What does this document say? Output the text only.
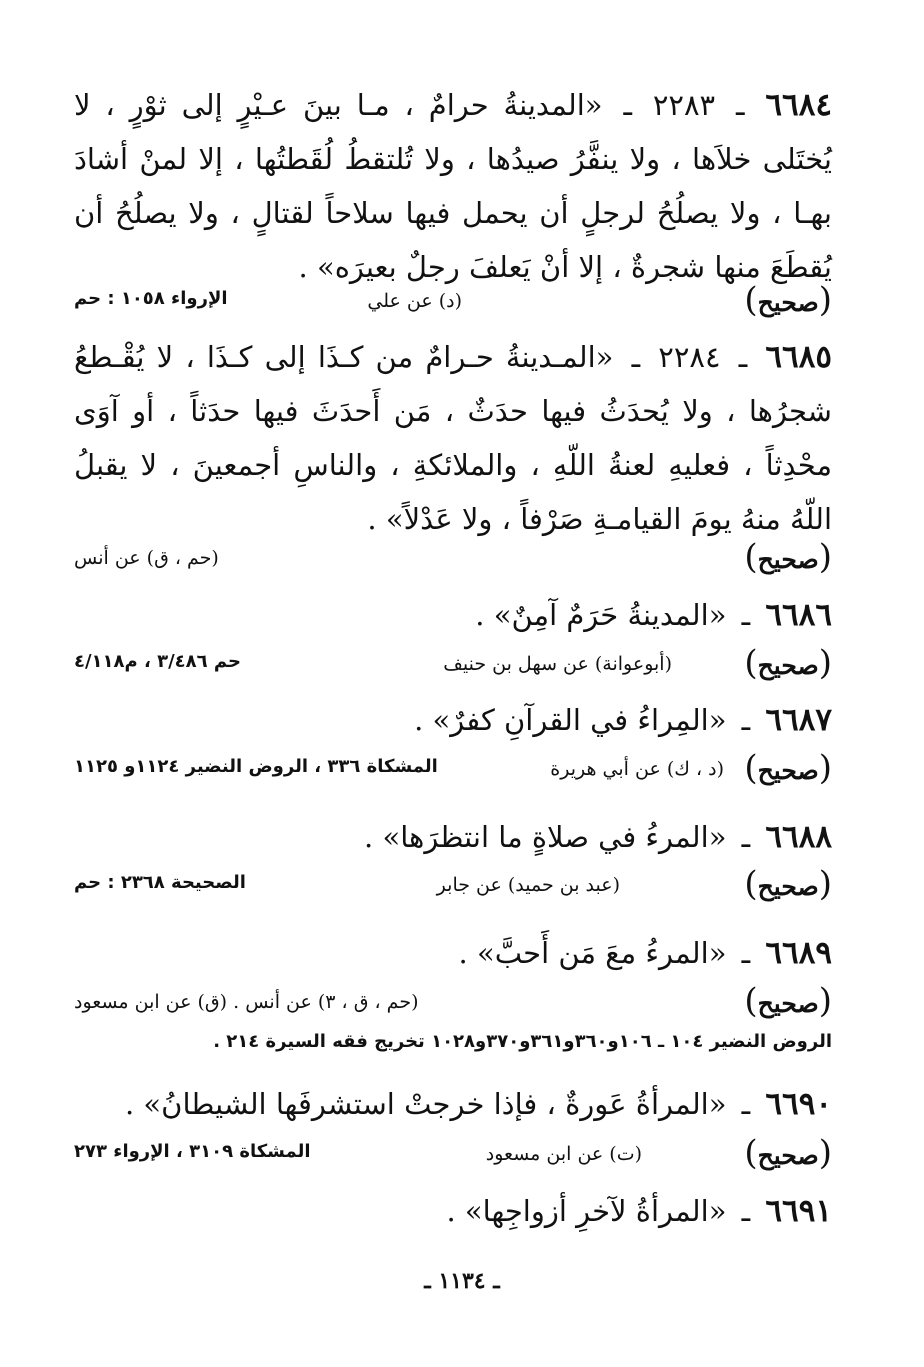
٦٦٨٤ ـ ٢٢٨٣ ـ «المدينةُ حرامٌ ، مـا بينَ عـيْرٍ إلى ثوْرٍ ، لا يُختَلى خلاَها ، ولا ينفَّرُ صيدُها ، ولا تُلتقطُ لُقَطتُها ، إلا لمنْ أشادَ بهـا ، ولا يصلُحُ لرجلٍ أن يحمل فيها سلاحاً لقتالٍ ، ولا يصلُحُ أن يُقطَعَ منها شجرةٌ ، إلا أنْ يَعلفَ رجلٌ بعيرَه» .
(صحيح)
(د) عن علي
الإرواء ١٠٥٨ : حم
٦٦٨٥ ـ ٢٢٨٤ ـ «المـدينةُ حـرامٌ من كـذَا إلى كـذَا ، لا يُقْـطعُ شجرُها ، ولا يُحدَثُ فيها حدَثٌ ، مَن أَحدَثَ فيها حدَثاً ، أو آوَى محْدِثاً ، فعليهِ لعنةُ اللّهِ ، والملائكةِ ، والناسِ أجمعينَ ، لا يقبلُ اللّهُ منهُ يومَ القيامـةِ صَرْفاً ، ولا عَدْلاً» .
(صحيح)
(حم ، ق) عن أنس
٦٦٨٦ ـ «المدينةُ حَرَمٌ آمِنٌ» .
(صحيح)
(أبوعوانة) عن سهل بن حنيف
حم ٣/٤٨٦ ، م٤/١١٨
٦٦٨٧ ـ «المِراءُ في القرآنِ كفرٌ» .
(صحيح)
(د ، ك) عن أبي هريرة
المشكاة ٣٣٦ ، الروض النضير ١١٢٤و ١١٢٥
٦٦٨٨ ـ «المرءُ في صلاةٍ ما انتظرَها» .
(صحيح)
(عبد بن حميد) عن جابر
الصحيحة ٢٣٦٨ : حم
٦٦٨٩ ـ «المرءُ معَ مَن أَحبَّ» .
(صحيح)
(حم ، ق ، ٣) عن أنس . (ق) عن ابن مسعود
الروض النضير ١٠٤ ـ ١٠٦و٣٦٠و٣٦١و٣٧٠و١٠٢٨ تخريج فقه السيرة ٢١٤ .
٦٦٩٠ ـ «المرأةُ عَورةٌ ، فإذا خرجتْ استشرفَها الشيطانُ» .
(صحيح)
(ت) عن ابن مسعود
المشكاة ٣١٠٩ ، الإرواء ٢٧٣
٦٦٩١ ـ «المرأةُ لآخرِ أزواجِها» .
ـ ١١٣٤ ـ
